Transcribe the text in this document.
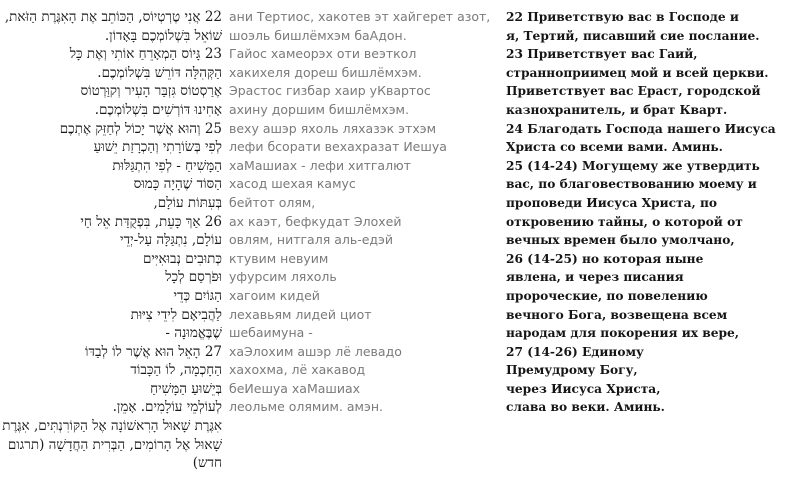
22 אֲנִי טֶרְטְיוֹס, הַכּוֹתֵב אֶת הָאִגֶּרֶת הַזֹּאת,
שׁוֹאֵל בִּשְׁלוֹמְכֶם בָּאָדוֹן.
23 גָּיוֹס הַמְאָרֵחַ אוֹתִי וְאֶת כָּל
הַקְּהִלָּה דּוֹרֵשׁ בִּשְׁלוֹמְכֶם.
אֶרַסְטוֹס גִּזְבַּר הָעִיר וְקוַּרְטוֹס
אָחִינוּ דּוֹרְשִׁים בִּשְׁלוֹמְכֶם.
25 וְהוּא אֲשֶׁר יָכוֹל לְחַזֵּק אֶתְכֶם
לְפִי בְּשׂוֹרָתִי וְהַכְרָזַת יֵשׁוּעַ
הַמָּשִׁיחַ - לְפִי הִתְגַּלּוּת
הַסּוֹד שֶׁהָיָה כָּמוּס
בְּעִתּוֹת עוֹלָם,
26 אַךְ כָּעֵת, בִּפְקֻדַּת אֵל חַי
עוֹלָם, נִתְגַּלָּה עַל-יְדֵי
כְּתוּבִים נְבוּאִיִּים
וּפֹרְסַם לְכָל
הַגּוֹיִם כְּדֵי
לַהֲבִיאָם לִידֵי צִיּוּת
שֶׁבֶּאֱמוּנָה -
27 הָאֵל הוּא אֲשֶׁר לוֹ לְבַדּוֹ
הַחָכְמָה, לוֹ הַכָּבוֹד
בְּיֵשׁוּעַ הַמָּשִׁיחַ
לְעוֹלְמֵי עוֹלָמִים. אָמֵן.
אִגֶּרֶת שָׁאוּל הָרִאשׁוֹנָה אֶל הַקּוֹרִנְתִּים, אִגֶּרֶת
שָׁאוּל אֶל הָרוֹמִים, הַבְּרִית הַחֲדָשָׁה (תרגום
חדש)
ани Тертиос, хакотев эт хайгерет азот,
шоэль бишлёмхэм баАдон.
Гайос хамеорэх оти веэткол
хакихеля дореш бишлёмхэм.
Эрастос гизбар хаир уКвартос
ахину доршим бишлёмхэм.
веху ашэр яхоль ляхазэк этхэм
лефи бсорати вехахразат Иешуа
хаМашиах - лефи хитгалют
хасод шехая камус
бейтот олям,
ах каэт, бефкудат Элохей
овлям, нитгаля аль-едэй
ктувим невуим
уфурсим ляхоль
хагоим кидей
лехавьям лидей циот
шебаимуна -
хаЭлохим ашэр лё левадо
хахохма, лё хакавод
беИешуа хаМашиах
леольме олямим. амэн.
22 Приветствую вас в Господе и
я, Тертий, писавший сие послание.
23 Приветствует вас Гаий,
странноприимец мой и всей церкви.
Приветствует вас Ераст, городской
казнохранитель, и брат Кварт.
24 Благодать Господа нашего Иисуса
Христа со всеми вами. Аминь.
25 (14-24) Могущему же утвердить
вас, по благовествованию моему и
проповеди Иисуса Христа, по
откровению тайны, о которой от
вечных времен было умолчано,
26 (14-25) но которая ныне
явлена, и через писания
пророческие, по повелению
вечного Бога, возвещена всем
народам для покорения их вере,
27 (14-26) Единому
Премудрому Богу,
через Иисуса Христа,
слава во веки. Аминь.
